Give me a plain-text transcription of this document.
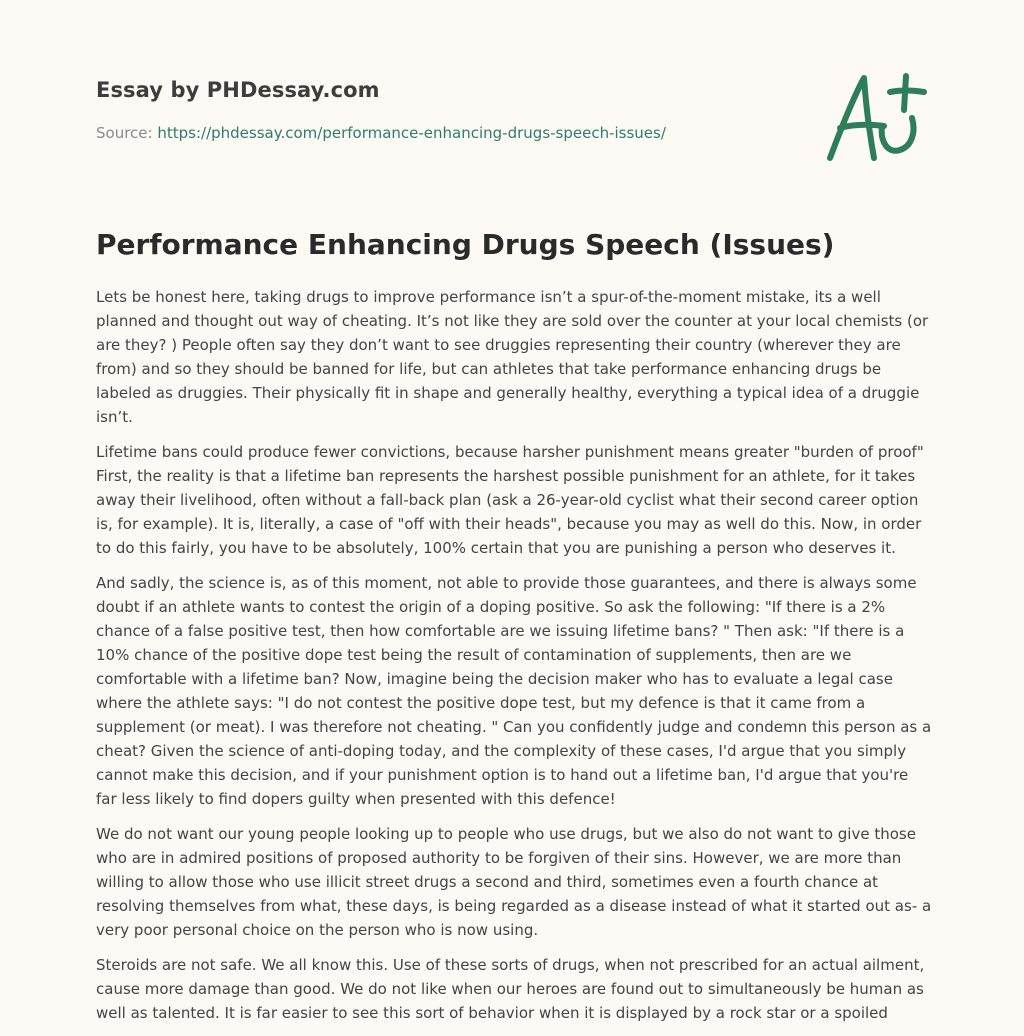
Essay by PHDessay.com
Source: https://phdessay.com/performance-enhancing-drugs-speech-issues/
Performance Enhancing Drugs Speech (Issues)

Lets be honest here, taking drugs to improve performance isn’t a spur-of-the-moment mistake, its a well planned and thought out way of cheating. It’s not like they are sold over the counter at your local chemists (or are they? ) People often say they don’t want to see druggies representing their country (wherever they are from) and so they should be banned for life, but can athletes that take performance enhancing drugs be labeled as druggies. Their physically fit in shape and generally healthy, everything a typical idea of a druggie isn’t.

Lifetime bans could produce fewer convictions, because harsher punishment means greater "burden of proof" First, the reality is that a lifetime ban represents the harshest possible punishment for an athlete, for it takes away their livelihood, often without a fall-back plan (ask a 26-year-old cyclist what their second career option is, for example). It is, literally, a case of "off with their heads", because you may as well do this. Now, in order to do this fairly, you have to be absolutely, 100% certain that you are punishing a person who deserves it.

And sadly, the science is, as of this moment, not able to provide those guarantees, and there is always some doubt if an athlete wants to contest the origin of a doping positive. So ask the following: "If there is a 2% chance of a false positive test, then how comfortable are we issuing lifetime bans? " Then ask: "If there is a 10% chance of the positive dope test being the result of contamination of supplements, then are we comfortable with a lifetime ban? Now, imagine being the decision maker who has to evaluate a legal case where the athlete says: "I do not contest the positive dope test, but my defence is that it came from a supplement (or meat). I was therefore not cheating. " Can you confidently judge and condemn this person as a cheat? Given the science of anti-doping today, and the complexity of these cases, I'd argue that you simply cannot make this decision, and if your punishment option is to hand out a lifetime ban, I'd argue that you're far less likely to find dopers guilty when presented with this defence!

We do not want our young people looking up to people who use drugs, but we also do not want to give those who are in admired positions of proposed authority to be forgiven of their sins. However, we are more than willing to allow those who use illicit street drugs a second and third, sometimes even a fourth chance at resolving themselves from what, these days, is being regarded as a disease instead of what it started out as- a very poor personal choice on the person who is now using.

Steroids are not safe. We all know this. Use of these sorts of drugs, when not prescribed for an actual ailment, cause more damage than good. We do not like when our heroes are found out to simultaneously be human as well as talented. It is far easier to see this sort of behavior when it is displayed by a rock star or a spoiled
